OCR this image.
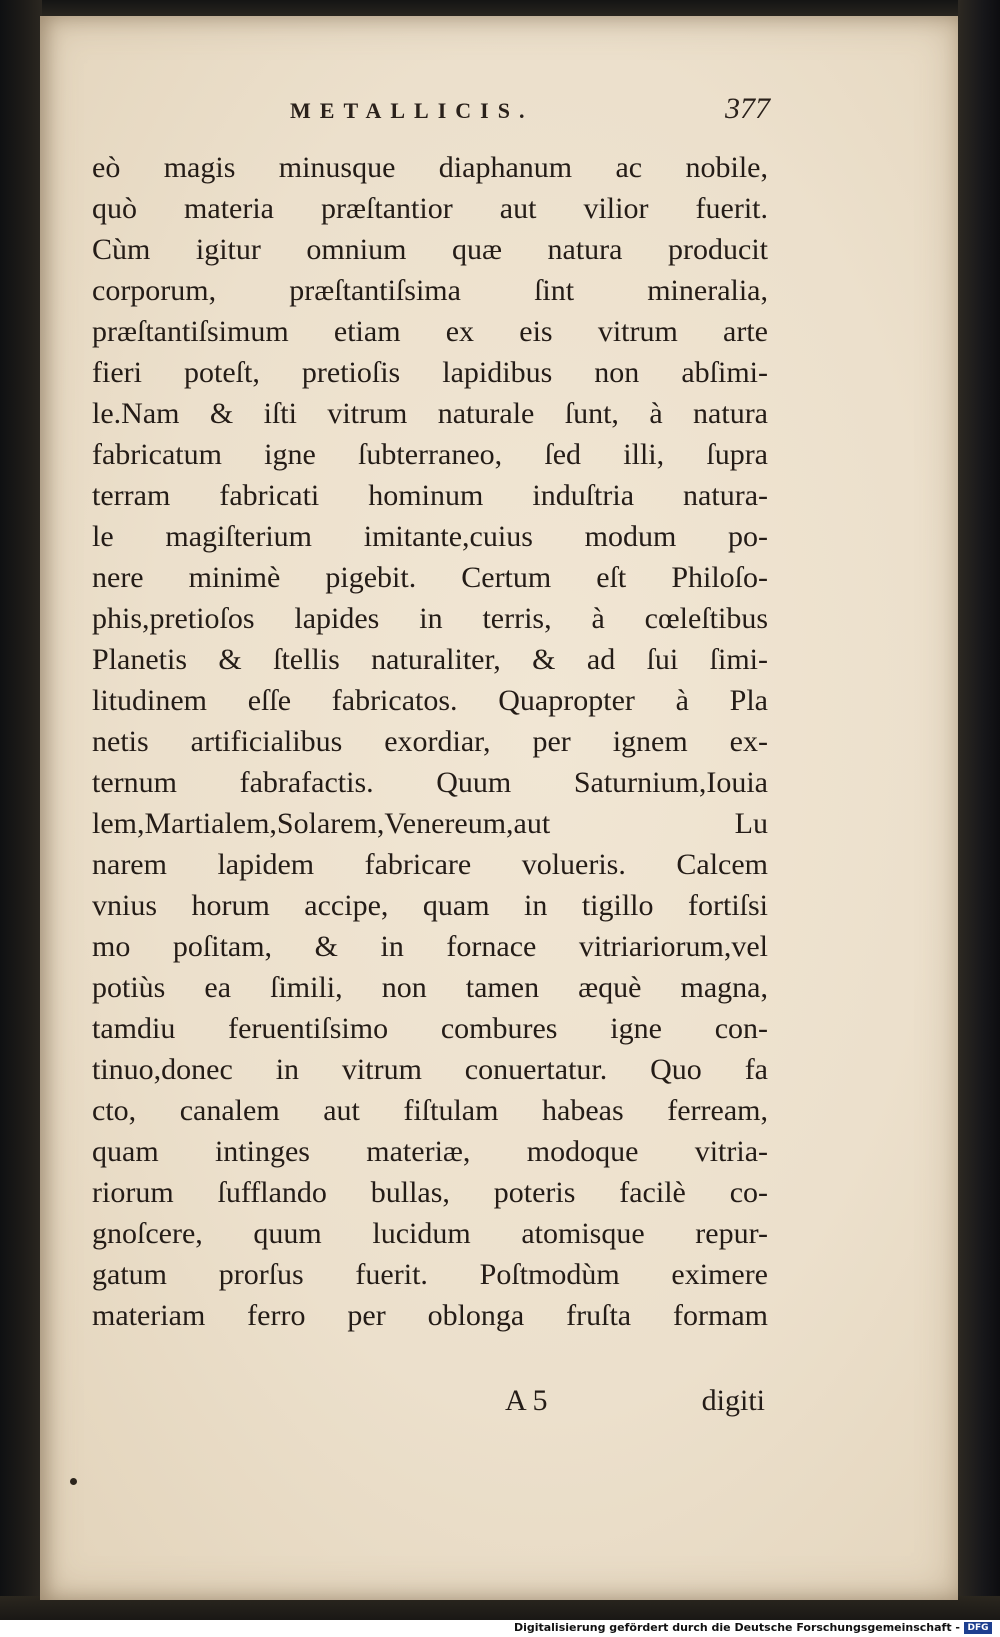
METALLICIS.	377
eò magis minusque diaphanum ac nobile,
quò materia præſtantior aut vilior fuerit.
Cùm igitur omnium quæ natura producit
corporum, præſtantiſsima ſint mineralia,
præſtantiſsimum etiam ex eis vitrum arte
fieri poteſt, pretioſis lapidibus non abſimi-
le.Nam & iſti vitrum naturale ſunt, à natura
fabricatum igne ſubterraneo, ſed illi, ſupra
terram fabricati hominum induſtria natura-
le magiſterium imitante,cuius modum po-
nere minimè pigebit. Certum eſt Philoſo-
phis,pretioſos lapides in terris, à cœleſtibus
Planetis & ſtellis naturaliter, & ad ſui ſimi-
litudinem eſſe fabricatos. Quapropter à Pla
netis artificialibus exordiar, per ignem ex-
ternum fabrafactis. Quum Saturnium,Iouia
lem,Martialem,Solarem,Venereum,aut Lu
narem lapidem fabricare volueris. Calcem
vnius horum accipe, quam in tigillo fortiſsi
mo poſitam, & in fornace vitriariorum,vel
potiùs ea ſimili, non tamen æquè magna,
tamdiu feruentiſsimo combures igne con-
tinuo,donec in vitrum conuertatur. Quo fa
cto, canalem aut fiſtulam habeas ferream,
quam intinges materiæ, modoque vitria-
riorum ſufflando bullas, poteris facilè co-
gnoſcere, quum lucidum atomisque repur-
gatum prorſus fuerit. Poſtmodùm eximere
materiam ferro per oblonga fruſta formam
A 5	digiti
Digitalisierung gefördert durch die Deutsche Forschungsgemeinschaft - DFG
